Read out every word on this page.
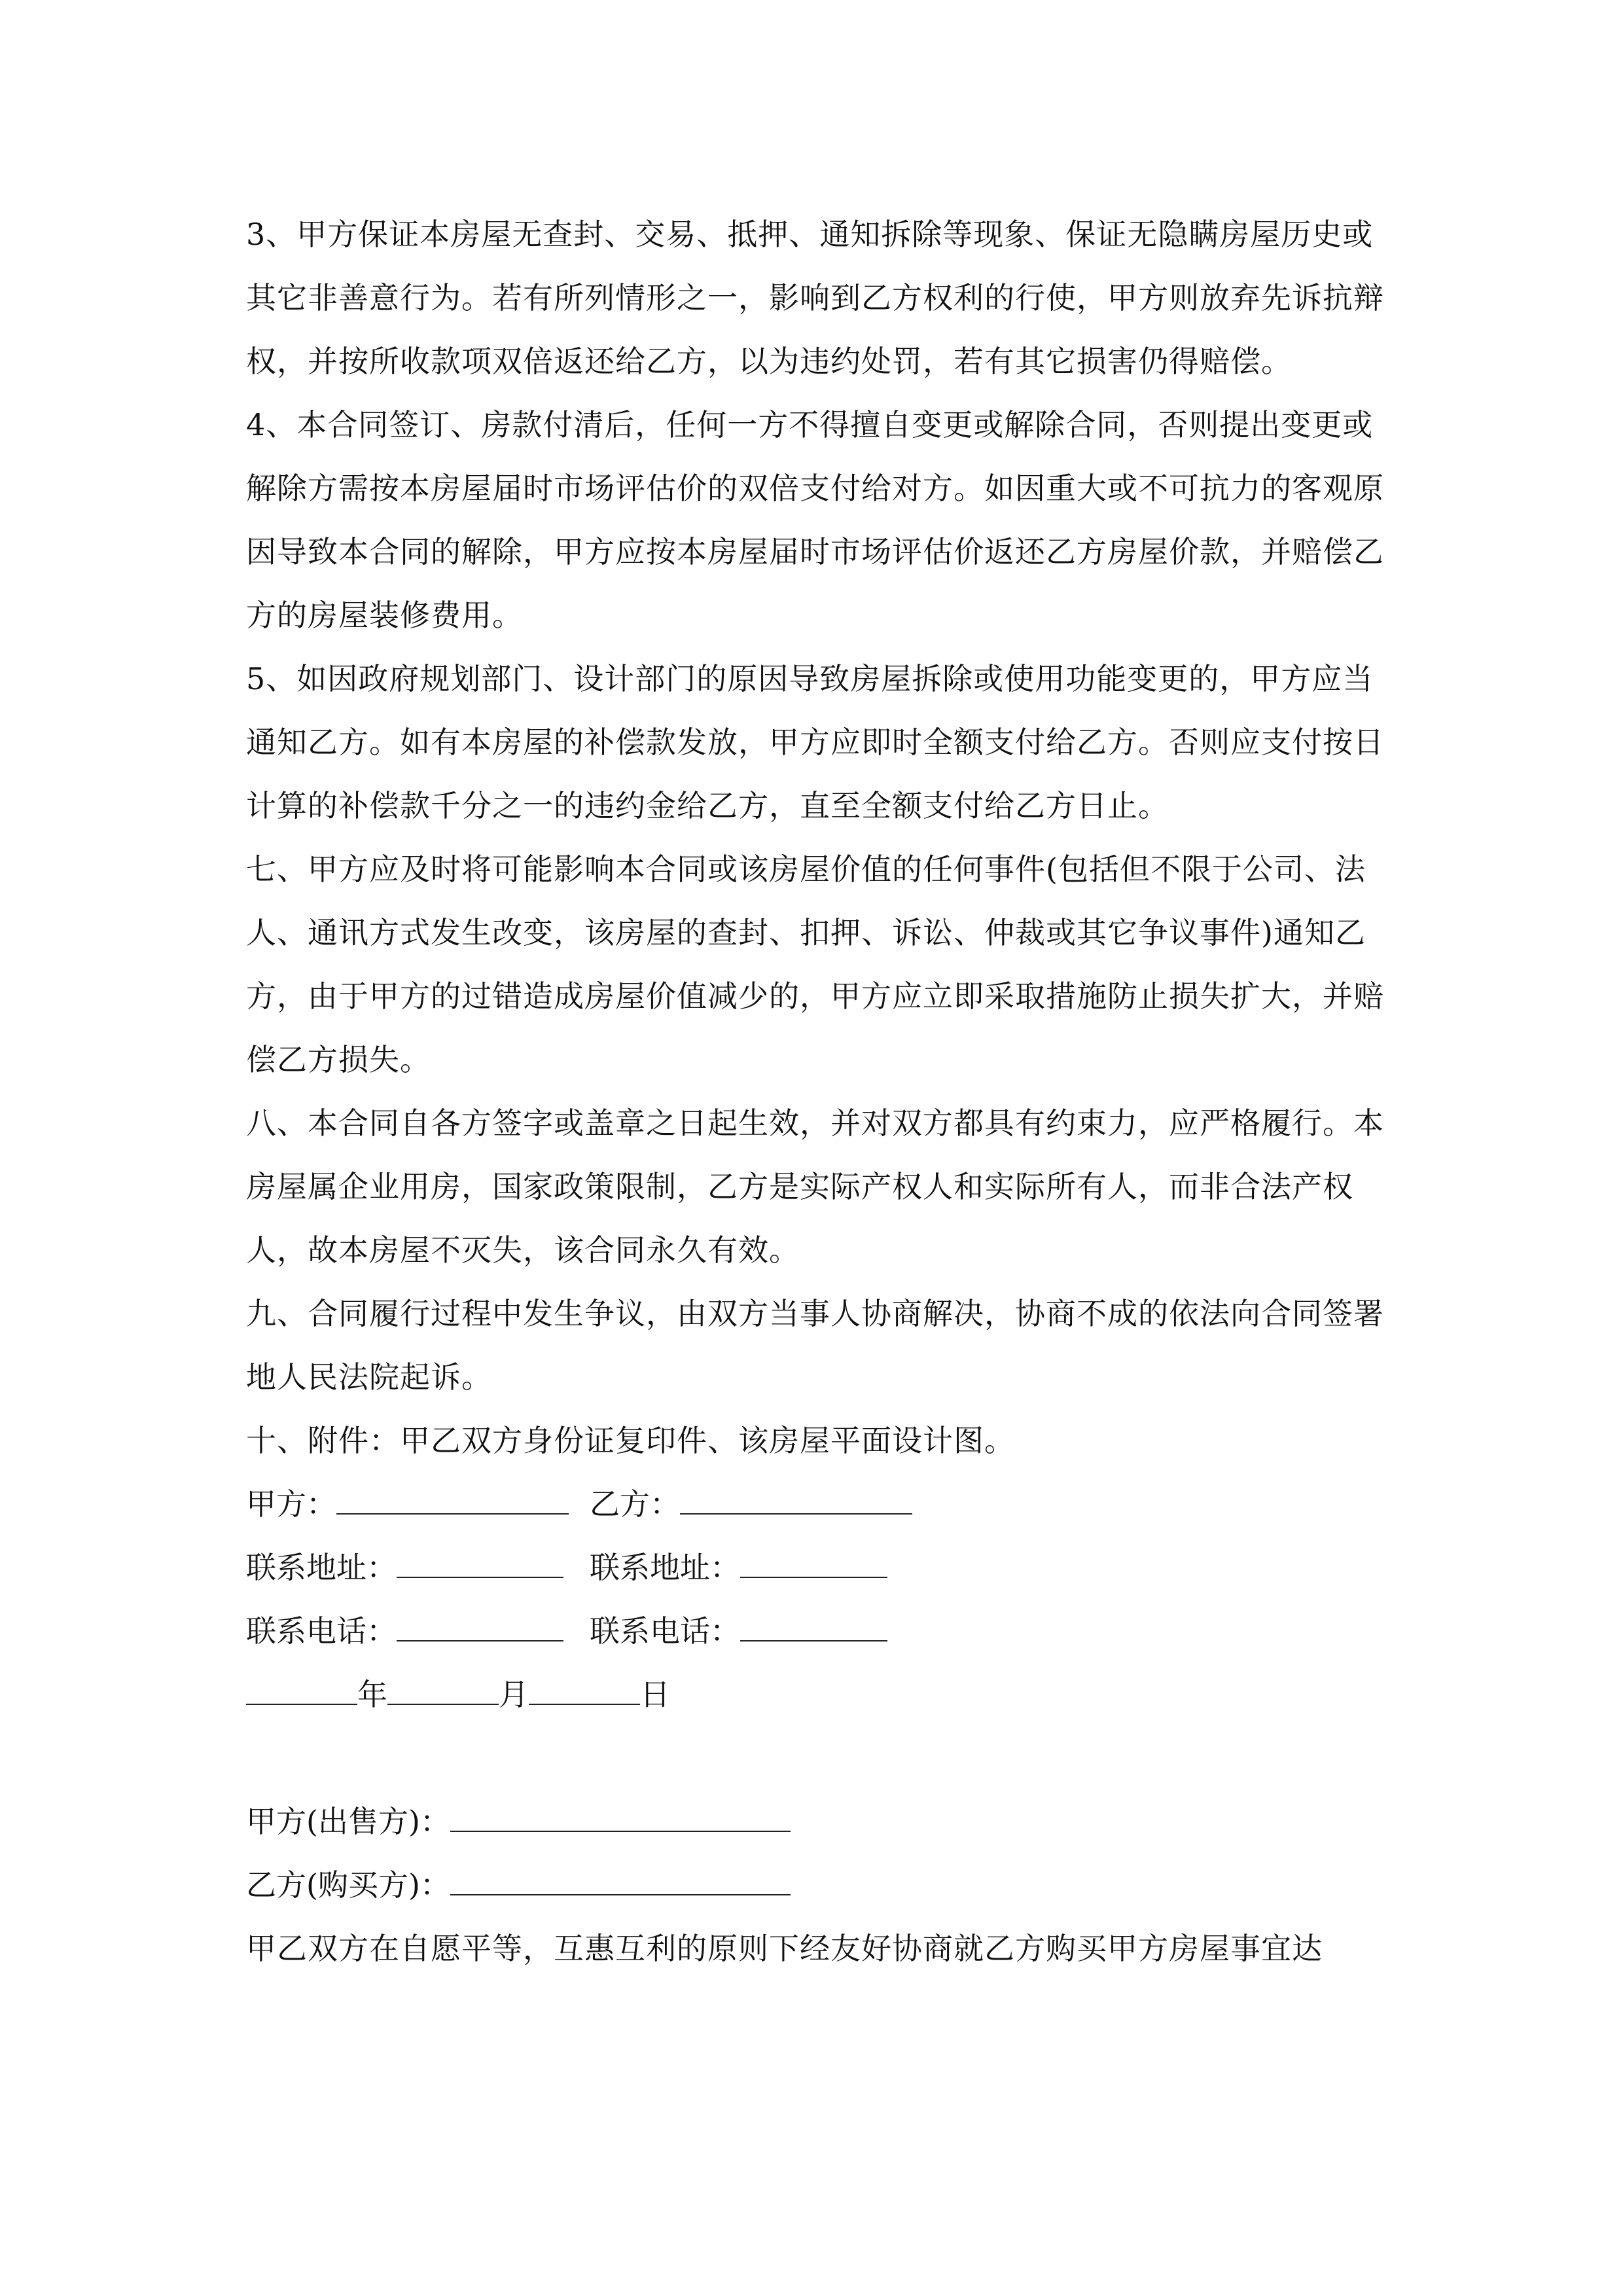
3、甲方保证本房屋无查封、交易、抵押、通知拆除等现象、保证无隐瞒房屋历史或其它非善意行为。若有所列情形之一，影响到乙方权利的行使，甲方则放弃先诉抗辩权，并按所收款项双倍返还给乙方，以为违约处罚，若有其它损害仍得赔偿。

4、本合同签订、房款付清后，任何一方不得擅自变更或解除合同，否则提出变更或解除方需按本房屋届时市场评估价的双倍支付给对方。如因重大或不可抗力的客观原因导致本合同的解除，甲方应按本房屋届时市场评估价返还乙方房屋价款，并赔偿乙方的房屋装修费用。

5、如因政府规划部门、设计部门的原因导致房屋拆除或使用功能变更的，甲方应当通知乙方。如有本房屋的补偿款发放，甲方应即时全额支付给乙方。否则应支付按日计算的补偿款千分之一的违约金给乙方，直至全额支付给乙方日止。

七、甲方应及时将可能影响本合同或该房屋价值的任何事件(包括但不限于公司、法人、通讯方式发生改变，该房屋的查封、扣押、诉讼、仲裁或其它争议事件)通知乙方，由于甲方的过错造成房屋价值减少的，甲方应立即采取措施防止损失扩大，并赔偿乙方损失。

八、本合同自各方签字或盖章之日起生效，并对双方都具有约束力，应严格履行。本房屋属企业用房，国家政策限制，乙方是实际产权人和实际所有人，而非合法产权人，故本房屋不灭失，该合同永久有效。

九、合同履行过程中发生争议，由双方当事人协商解决，协商不成的依法向合同签署地人民法院起诉。

十、附件：甲乙双方身份证复印件、该房屋平面设计图。

甲方：	乙方：
联系地址：	联系地址：
联系电话：	联系电话：
年	月	日
甲方(出售方)：
乙方(购买方)：

甲乙双方在自愿平等，互惠互利的原则下经友好协商就乙方购买甲方房屋事宜达
